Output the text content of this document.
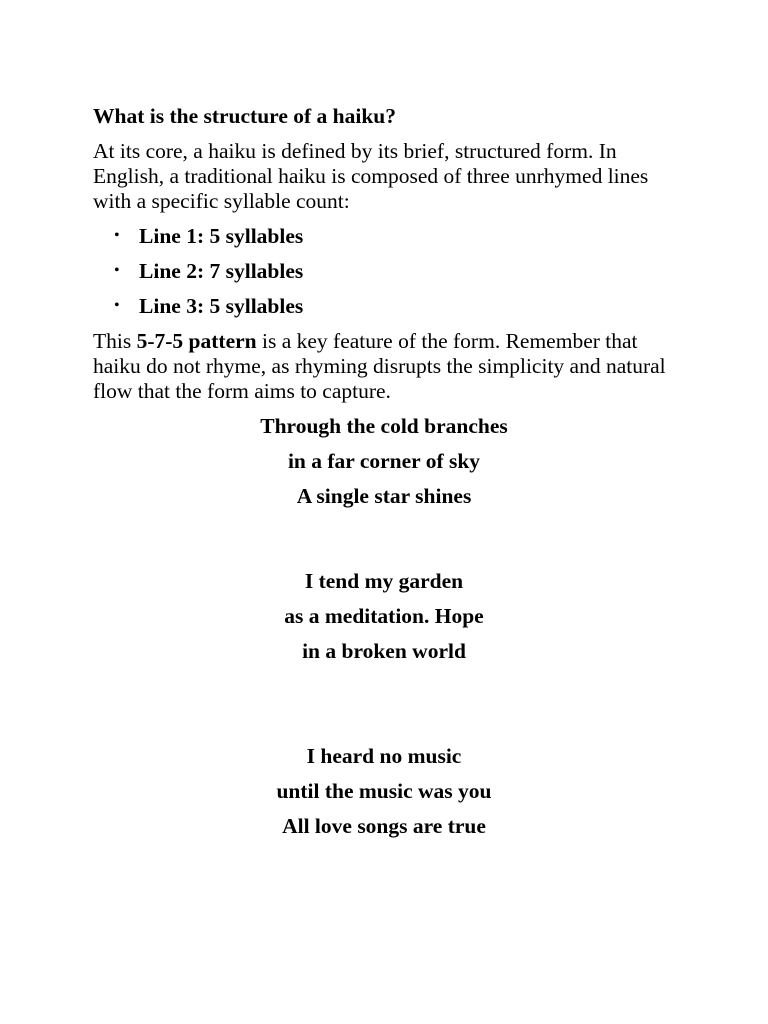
What is the structure of a haiku?

At its core, a haiku is defined by its brief, structured form. In English, a traditional haiku is composed of three unrhymed lines with a specific syllable count:

• Line 1: 5 syllables
• Line 2: 7 syllables
• Line 3: 5 syllables

This 5-7-5 pattern is a key feature of the form. Remember that haiku do not rhyme, as rhyming disrupts the simplicity and natural flow that the form aims to capture.

Through the cold branches
in a far corner of sky
A single star shines
I tend my garden
as a meditation. Hope
in a broken world
I heard no music
until the music was you
All love songs are true
